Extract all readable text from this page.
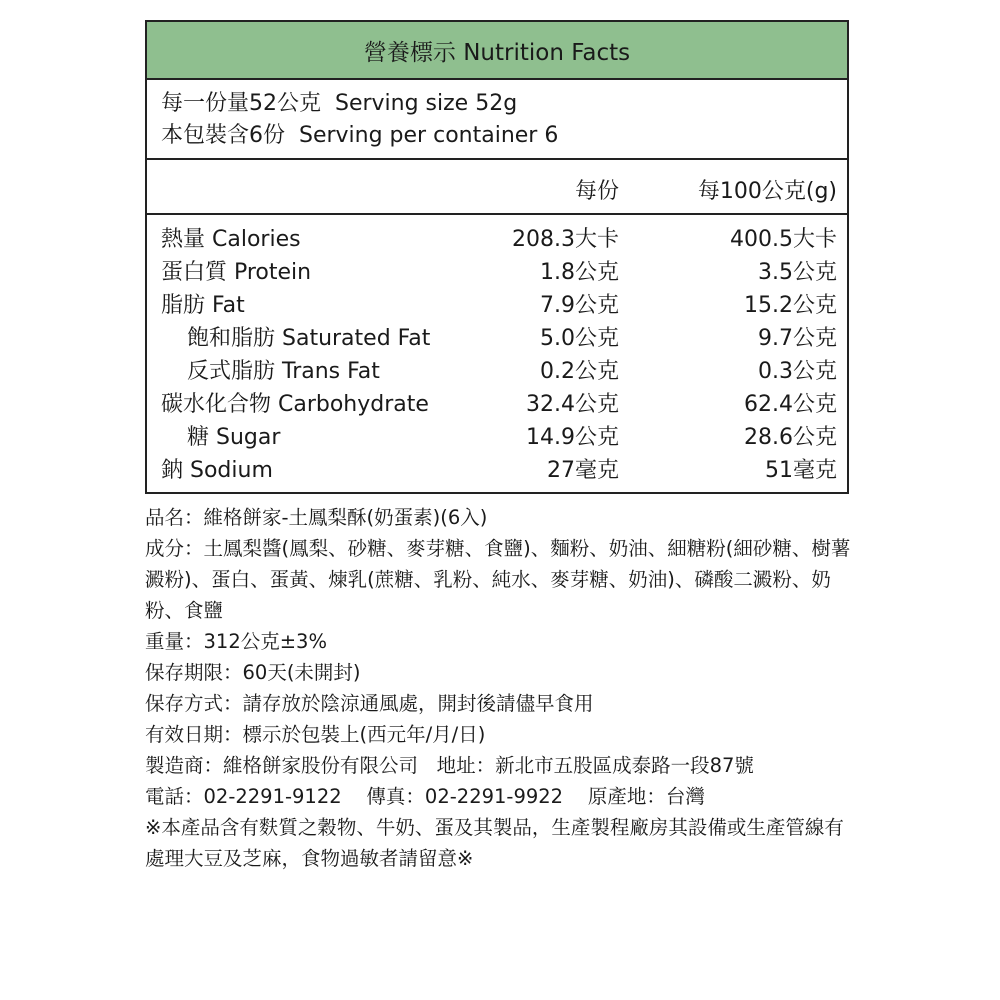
營養標示 Nutrition Facts
每一份量52公克  Serving size 52g
本包裝含6份  Serving per container 6
每份	每100公克(g)
熱量 Calories	208.3大卡	400.5大卡
蛋白質 Protein	1.8公克	3.5公克
脂肪 Fat	7.9公克	15.2公克
飽和脂肪 Saturated Fat	5.0公克	9.7公克
反式脂肪 Trans Fat	0.2公克	0.3公克
碳水化合物 Carbohydrate	32.4公克	62.4公克
糖 Sugar	14.9公克	28.6公克
鈉 Sodium	27毫克	51毫克

品名：維格餅家-土鳳梨酥(奶蛋素)(6入)

成分：土鳳梨醬(鳳梨、砂糖、麥芽糖、食鹽)、麵粉、奶油、細糖粉(細砂糖、樹薯澱粉)、蛋白、蛋黃、煉乳(蔗糖、乳粉、純水、麥芽糖、奶油)、磷酸二澱粉、奶粉、食鹽

重量：312公克±3%

保存期限：60天(未開封)

保存方式：請存放於陰涼通風處，開封後請儘早食用

有效日期：標示於包裝上(西元年/月/日)

製造商：維格餅家股份有限公司   地址：新北市五股區成泰路一段87號

電話：02-2291-9122    傳真：02-2291-9922    原產地：台灣

※本產品含有麩質之穀物、牛奶、蛋及其製品，生產製程廠房其設備或生產管線有處理大豆及芝麻，食物過敏者請留意※
